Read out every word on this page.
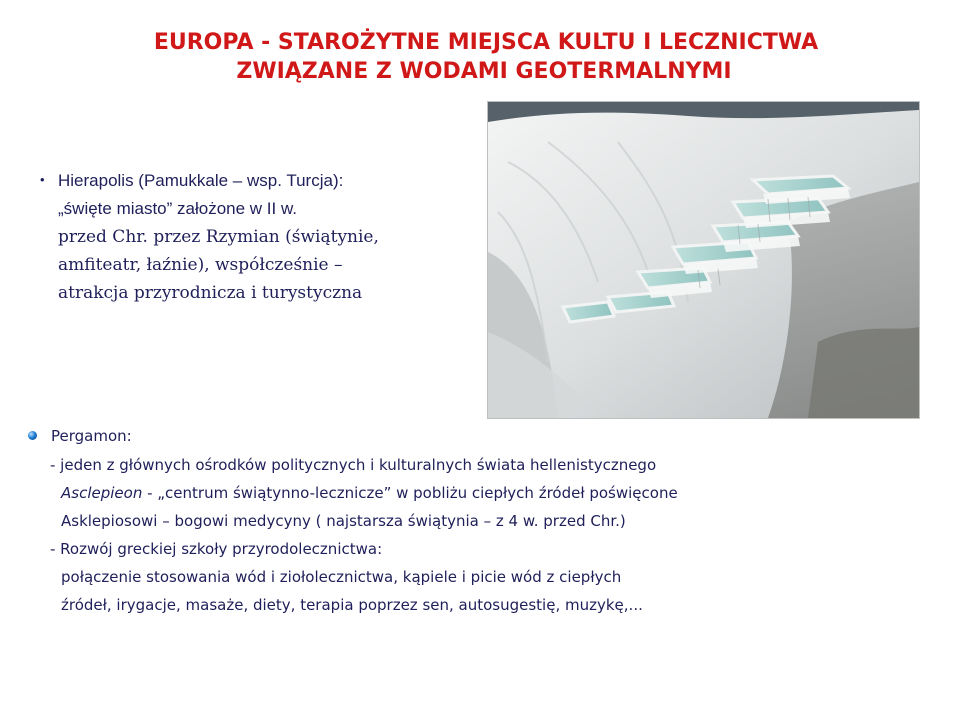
EUROPA - STAROŻYTNE MIEJSCA KULTU I LECZNICTWA
ZWIĄZANE Z WODAMI GEOTERMALNYMI
• Hierapolis (Pamukkale – wsp. Turcja):
„święte miasto” założone w II w.
przed Chr. przez Rzymian (świątynie,
amfiteatr, łaźnie), współcześnie –
atrakcja przyrodnicza i turystyczna
Pergamon:
- jeden z głównych ośrodków politycznych i kulturalnych świata hellenistycznego
Asclepieon - „centrum świątynno-lecznicze” w pobliżu ciepłych źródeł poświęcone
Asklepiosowi – bogowi medycyny ( najstarsza świątynia – z 4 w. przed Chr.)
- Rozwój greckiej szkoły przyrodolecznictwa:
połączenie stosowania wód i ziołolecznictwa, kąpiele i picie wód z ciepłych
źródeł, irygacje, masaże, diety, terapia poprzez sen, autosugestię, muzykę,...
